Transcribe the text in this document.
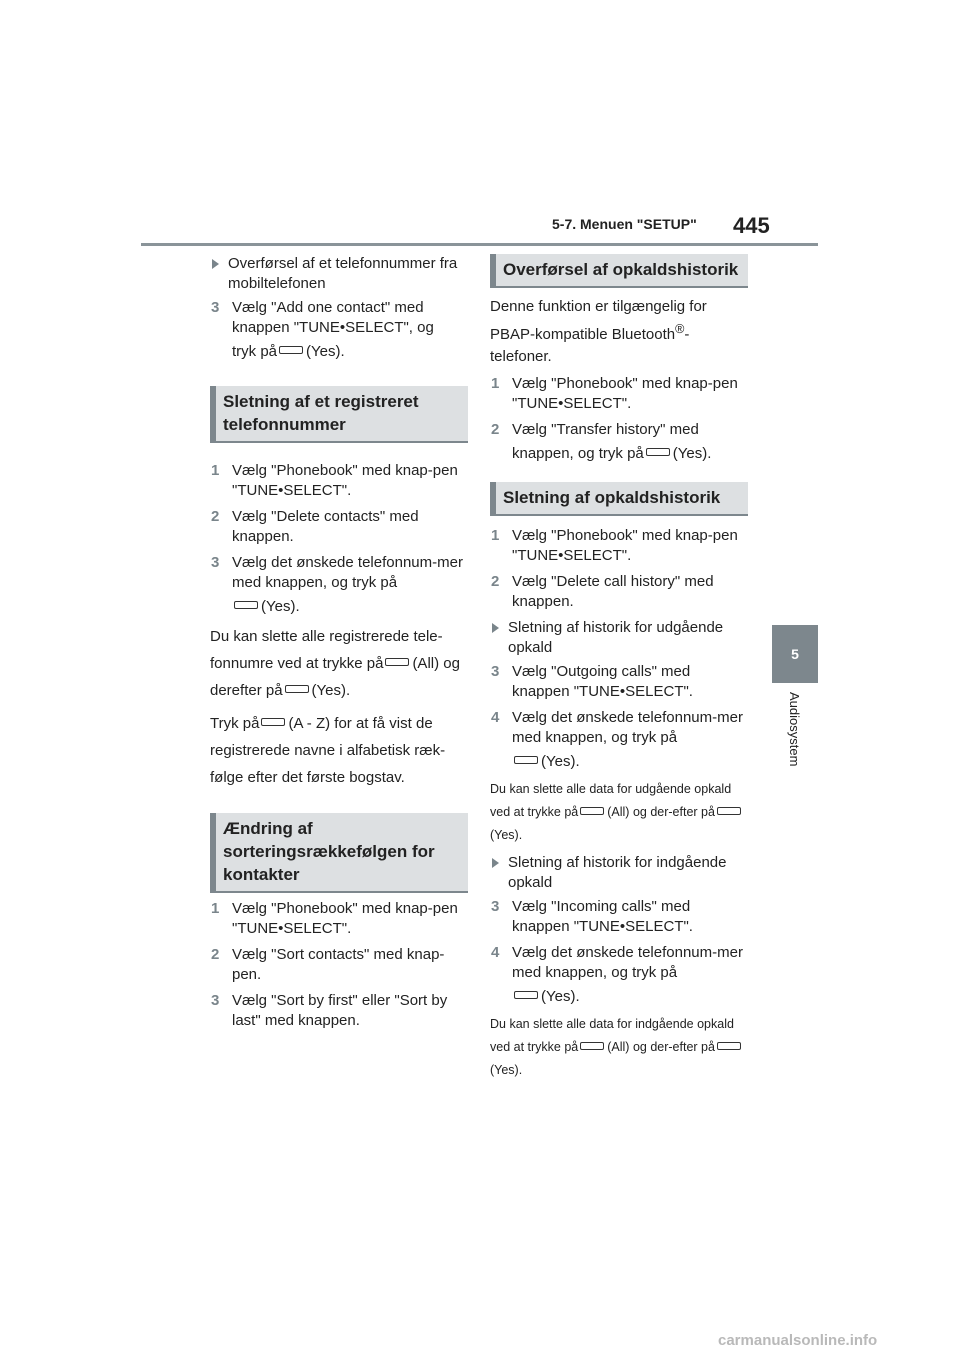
5-7. Menuen "SETUP" 445
5
Audiosystem
Overførsel af et telefonnummer fra mobiltelefonen
3 Vælg "Add one contact" med knappen "TUNE•SELECT", og
tryk på (Yes).
Sletning af et registreret telefonnummer
1 Vælg "Phonebook" med knap-pen "TUNE•SELECT".
2 Vælg "Delete contacts" med knappen.
3 Vælg det ønskede telefonnum-mer med knappen, og tryk på
(Yes).
Du kan slette alle registrerede tele-fonnumre ved at trykke på (All) og derefter på (Yes).
Tryk på (A - Z) for at få vist de registrerede navne i alfabetisk ræk-følge efter det første bogstav.
Ændring af sorteringsrækkefølgen for kontakter
1 Vælg "Phonebook" med knap-pen "TUNE•SELECT".
2 Vælg "Sort contacts" med knap-pen.
3 Vælg "Sort by first" eller "Sort by last" med knappen.
Overførsel af opkaldshistorik
Denne funktion er tilgængelig for PBAP-kompatible Bluetooth®-telefoner.
1 Vælg "Phonebook" med knap-pen "TUNE•SELECT".
2 Vælg "Transfer history" med
knappen, og tryk på (Yes).
Sletning af opkaldshistorik
1 Vælg "Phonebook" med knap-pen "TUNE•SELECT".
2 Vælg "Delete call history" med knappen.
Sletning af historik for udgående opkald
3 Vælg "Outgoing calls" med knappen "TUNE•SELECT".
4 Vælg det ønskede telefonnum-mer med knappen, og tryk på
(Yes).
Du kan slette alle data for udgående opkald ved at trykke på (All) og der-efter på(Yes).
Sletning af historik for indgående opkald
3 Vælg "Incoming calls" med knappen "TUNE•SELECT".
4 Vælg det ønskede telefonnum-mer med knappen, og tryk på
(Yes).
Du kan slette alle data for indgående opkald ved at trykke på (All) og der-efter på(Yes).
carmanualsonline.info
